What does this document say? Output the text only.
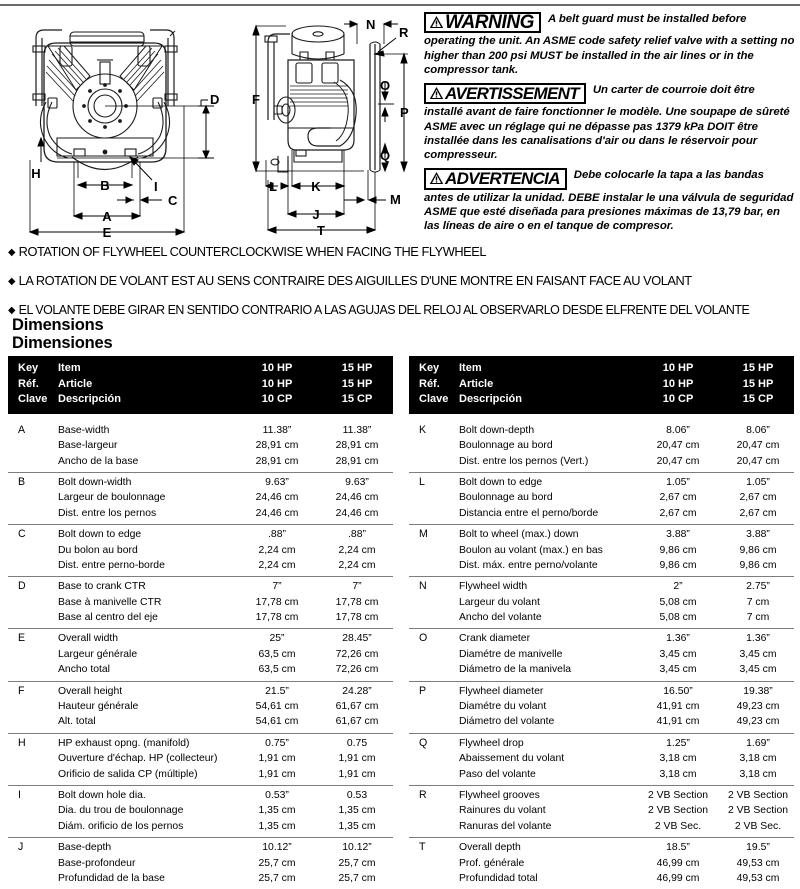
D
H
I
B
C
A
E
F
N
R
O
P
Q
L	K
M
J
T
WARNING A belt guard must be installed before operating the unit. An ASME code safety relief valve with a setting no higher than 200 psi MUST be installed in the air lines or in the compressor tank.
AVERTISSEMENT Un carter de courroie doit être installé avant de faire fonctionner le modèle. Une soupape de sûreté ASME avec un réglage qui ne dépasse pas 1379 kPa DOIT être installée dans les canalisations d'air ou dans le réservoir pour compresseur.
ADVERTENCIA Debe colocarle la tapa a las bandas antes de utilizar la unidad. DEBE instalar le una válvula de seguridad ASME que esté diseñada para presiones máximas de 13,79 bar, en las líneas de aire o en el tanque de compresor.
◆ ROTATION OF FLYWHEEL COUNTERCLOCKWISE WHEN FACING THE FLYWHEEL
◆ LA ROTATION DE VOLANT EST AU SENS CONTRAIRE DES AIGUILLES D'UNE MONTRE EN FAISANT FACE AU VOLANT
◆ EL VOLANTE DEBE GIRAR EN SENTIDO CONTRARIO A LAS AGUJAS DEL RELOJ AL OBSERVARLO DESDE ELFRENTE DEL VOLANTE
Dimensions
Dimensiones
Key Item	10 HP	15 HP
Réf. Article	10 HP	15 HP
Clave Descripción	10 CP	15 CP
A	Base-width	11.38”	11.38”
Base-largeur	28,91 cm	28,91 cm
Ancho de la base	28,91 cm	28,91 cm
B	Bolt down-width	9.63”	9.63”
Largeur de boulonnage	24,46 cm	24,46 cm
Dist. entre los pernos	24,46 cm	24,46 cm
C	Bolt down to edge	.88”	.88”
Du bolon au bord	2,24 cm	2,24 cm
Dist. entre perno-borde	2,24 cm	2,24 cm
D	Base to crank CTR	7”	7”
Base à manivelle CTR	17,78 cm	17,78 cm
Base al centro del eje	17,78 cm	17,78 cm
E	Overall width	25”	28.45”
Largeur générale	63,5 cm	72,26 cm
Ancho total	63,5 cm	72,26 cm
F	Overall height	21.5”	24.28”
Hauteur générale	54,61 cm	61,67 cm
Alt. total	54,61 cm	61,67 cm
H	HP exhaust opng. (manifold)	0.75”	0.75
Ouverture d'échap. HP (collecteur)	1,91 cm	1,91 cm
Orificio de salida CP (múltiple)	1,91 cm	1,91 cm
I	Bolt down hole dia.	0.53”	0.53
Dia. du trou de boulonnage	1,35 cm	1,35 cm
Diám. orificio de los pernos	1,35 cm	1,35 cm
J	Base-depth	10.12”	10.12”
Base-profondeur	25,7 cm	25,7 cm
Profundidad de la base	25,7 cm	25,7 cm
Key Item	10 HP	15 HP
Réf. Article	10 HP	15 HP
Clave Descripción	10 CP	15 CP
K	Bolt down-depth	8.06”	8.06”
Boulonnage au bord	20,47 cm	20,47 cm
Dist. entre los pernos (Vert.)	20,47 cm	20,47 cm
L	Bolt down to edge	1.05”	1.05”
Boulonnage au bord	2,67 cm	2,67 cm
Distancia entre el perno/borde	2,67 cm	2,67 cm
M	Bolt to wheel (max.) down	3.88”	3.88”
Boulon au volant (max.) en bas	9,86 cm	9,86 cm
Dist. máx. entre perno/volante	9,86 cm	9,86 cm
N	Flywheel width	2”	2.75”
Largeur du volant	5,08 cm	7 cm
Ancho del volante	5,08 cm	7 cm
O	Crank diameter	1.36”	1.36”
Diamétre de manivelle	3,45 cm	3,45 cm
Diámetro de la manivela	3,45 cm	3,45 cm
P	Flywheel diameter	16.50”	19.38”
Diamétre du volant	41,91 cm	49,23 cm
Diámetro del volante	41,91 cm	49,23 cm
Q	Flywheel drop	1.25”	1.69”
Abaissement du volant	3,18 cm	3,18 cm
Paso del volante	3,18 cm	3,18 cm
R	Flywheel grooves	2 VB Section	2 VB Section
Rainures du volant	2 VB Section	2 VB Section
Ranuras del volante	2 VB Sec.	2 VB Sec.
T	Overall depth	18.5”	19.5”
Prof. générale	46,99 cm	49,53 cm
Profundidad total	46,99 cm	49,53 cm
